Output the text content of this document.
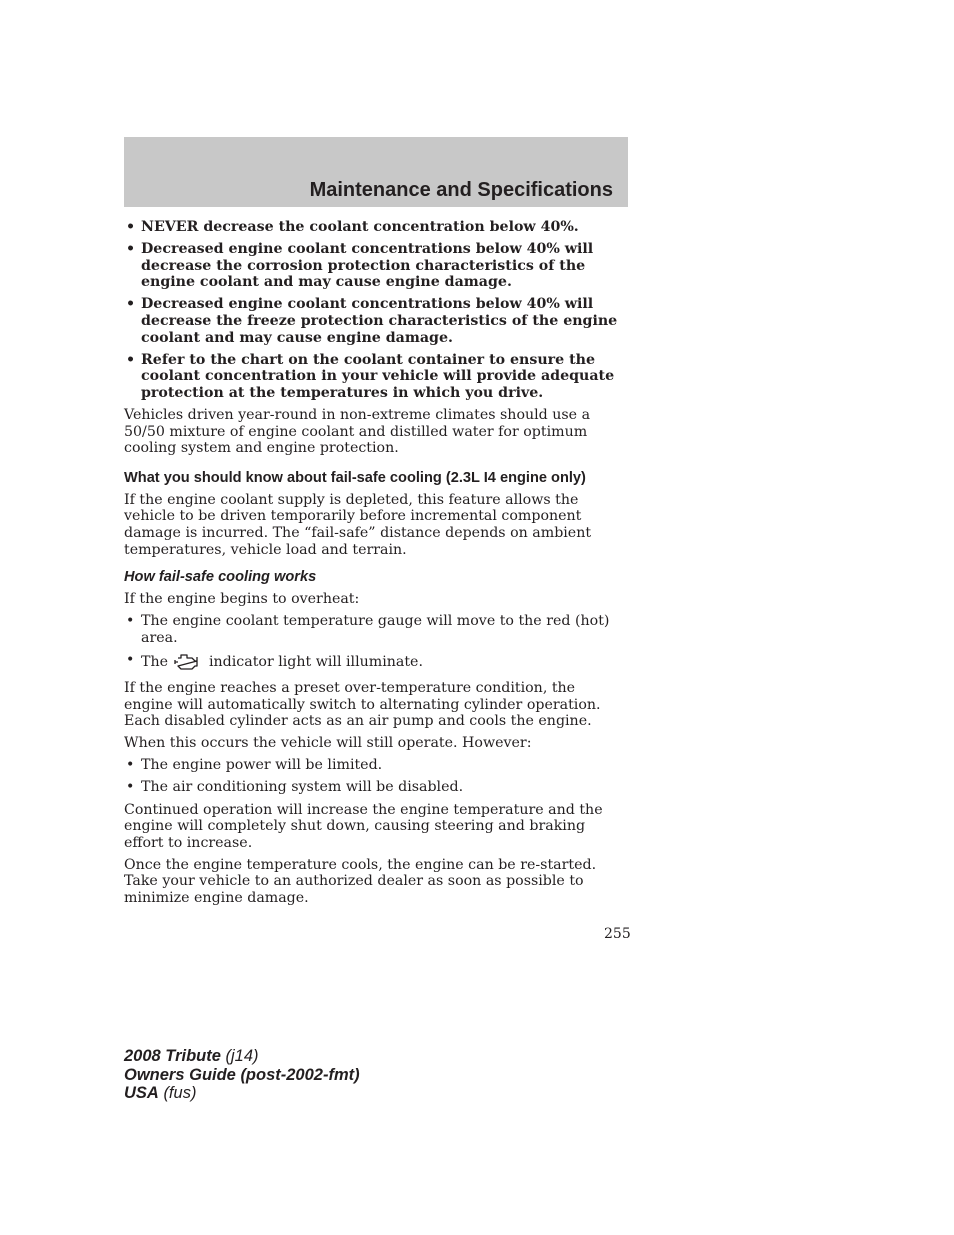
Maintenance and Specifications
• NEVER decrease the coolant concentration below 40%.
• Decreased engine coolant concentrations below 40% will decrease the corrosion protection characteristics of the engine coolant and may cause engine damage.
• Decreased engine coolant concentrations below 40% will decrease the freeze protection characteristics of the engine coolant and may cause engine damage.
• Refer to the chart on the coolant container to ensure the coolant concentration in your vehicle will provide adequate protection at the temperatures in which you drive.

Vehicles driven year-round in non-extreme climates should use a 50/50 mixture of engine coolant and distilled water for optimum cooling system and engine protection.

What you should know about fail-safe cooling (2.3L I4 engine only)

If the engine coolant supply is depleted, this feature allows the vehicle to be driven temporarily before incremental component damage is incurred. The “fail-safe” distance depends on ambient temperatures, vehicle load and terrain.

How fail-safe cooling works

If the engine begins to overheat:

• The engine coolant temperature gauge will move to the red (hot) area.
• The	indicator light will illuminate.

If the engine reaches a preset over-temperature condition, the engine will automatically switch to alternating cylinder operation. Each disabled cylinder acts as an air pump and cools the engine.

When this occurs the vehicle will still operate. However:

• The engine power will be limited.
• The air conditioning system will be disabled.

Continued operation will increase the engine temperature and the engine will completely shut down, causing steering and braking effort to increase.

Once the engine temperature cools, the engine can be re-started. Take your vehicle to an authorized dealer as soon as possible to minimize engine damage.

255
2008 Tribute (j14)
Owners Guide (post-2002-fmt)
USA (fus)
